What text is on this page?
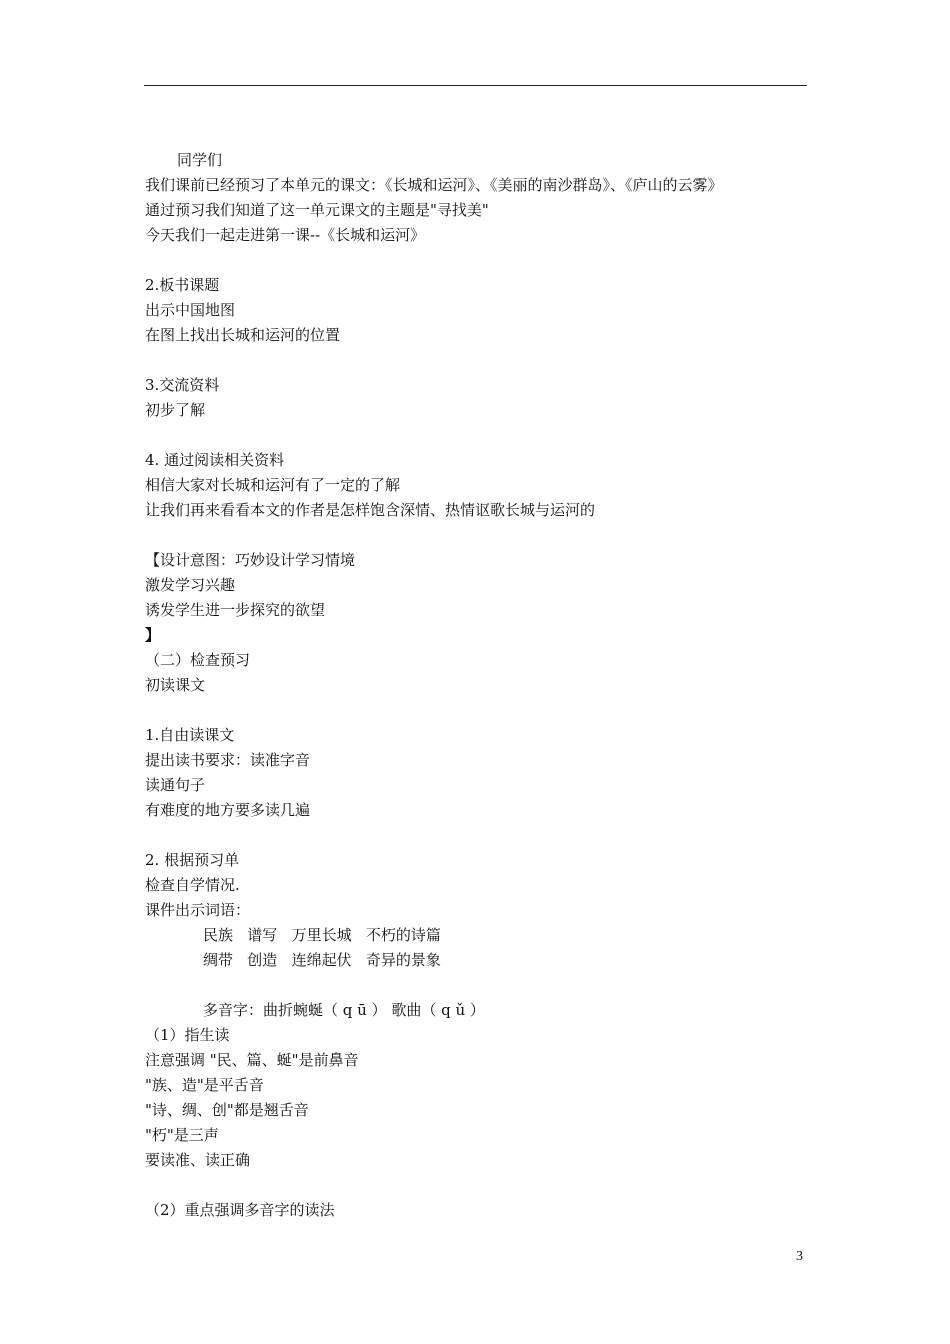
同学们
我们课前已经预习了本单元的课文：《长城和运河》、《美丽的南沙群岛》、《庐山的云雾》
通过预习我们知道了这一单元课文的主题是"寻找美"
今天我们一起走进第一课--《长城和运河》
2.板书课题
出示中国地图
在图上找出长城和运河的位置
3.交流资料
初步了解
4. 通过阅读相关资料
相信大家对长城和运河有了一定的了解
让我们再来看看本文的作者是怎样饱含深情、热情讴歌长城与运河的
【设计意图：巧妙设计学习情境
激发学习兴趣
诱发学生进一步探究的欲望
】
（二）检查预习
初读课文
1.自由读课文
提出读书要求：读准字音
读通句子
有难度的地方要多读几遍
2. 根据预习单
检查自学情况.
课件出示词语：
民族   谱写   万里长城   不朽的诗篇
绸带   创造   连绵起伏   奇异的景象
多音字：曲折蜿蜒（ q ū ） 歌曲（ q ǔ ）
（1）指生读
注意强调 "民、篇、蜒"是前鼻音
"族、造"是平舌音
"诗、绸、创"都是翘舌音
"朽"是三声
要读准、读正确
（2）重点强调多音字的读法
3
